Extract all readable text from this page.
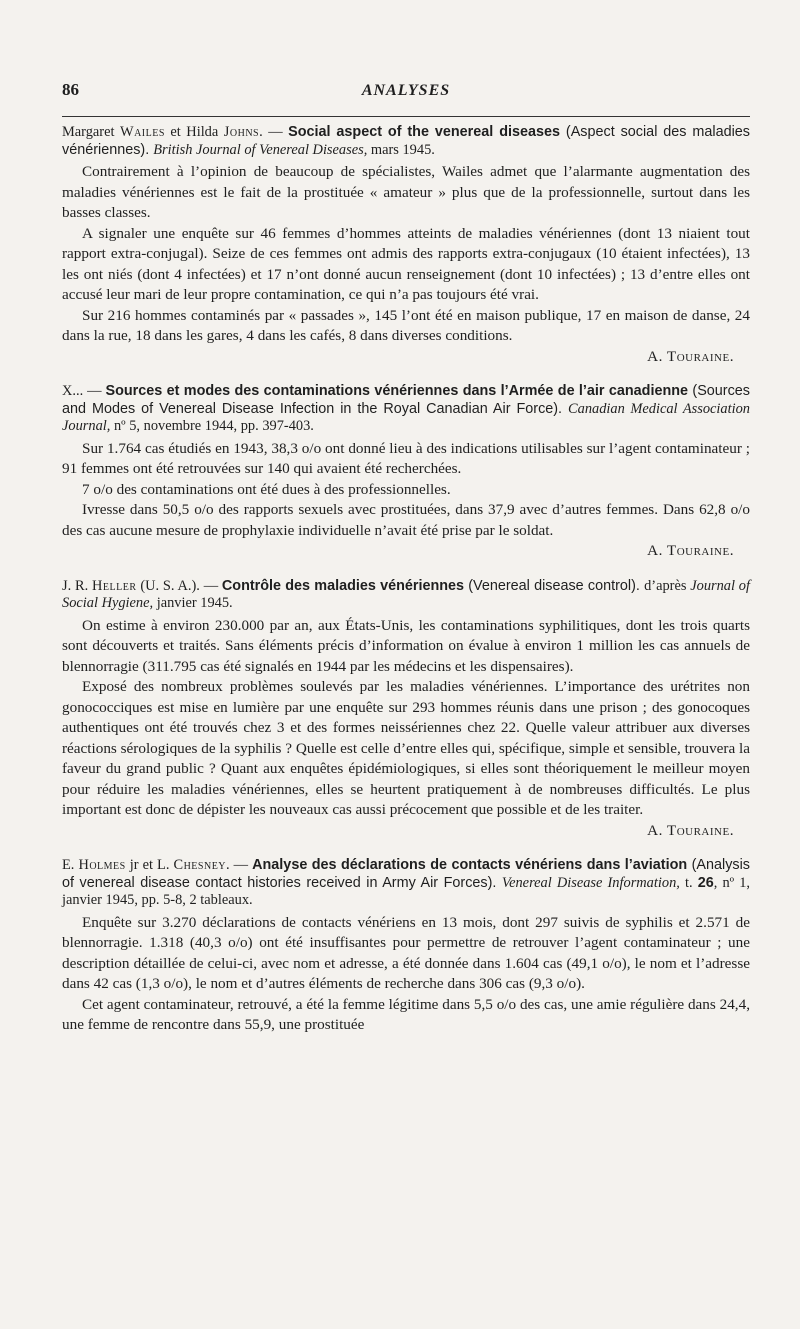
86	ANALYSES

Margaret Wailes et Hilda Johns. — Social aspect of the venereal diseases (Aspect social des maladies vénériennes). British Journal of Venereal Diseases, mars 1945.

Contrairement à l’opinion de beaucoup de spécialistes, Wailes admet que l’alarmante augmentation des maladies vénériennes est le fait de la prostituée « amateur » plus que de la professionnelle, surtout dans les basses classes.

A signaler une enquête sur 46 femmes d’hommes atteints de maladies vénériennes (dont 13 niaient tout rapport extra-conjugal). Seize de ces femmes ont admis des rapports extra-conjugaux (10 étaient infectées), 13 les ont niés (dont 4 infectées) et 17 n’ont donné aucun renseignement (dont 10 infectées) ; 13 d’entre elles ont accusé leur mari de leur propre contamination, ce qui n’a pas toujours été vrai.

Sur 216 hommes contaminés par « passades », 145 l’ont été en maison publique, 17 en maison de danse, 24 dans la rue, 18 dans les gares, 4 dans les cafés, 8 dans diverses conditions.

A. Touraine.

X... — Sources et modes des contaminations vénériennes dans l’Armée de l’air canadienne (Sources and Modes of Venereal Disease Infection in the Royal Canadian Air Force). Canadian Medical Association Journal, nº 5, novembre 1944, pp. 397-403.

Sur 1.764 cas étudiés en 1943, 38,3 o/o ont donné lieu à des indications utilisables sur l’agent contaminateur ; 91 femmes ont été retrouvées sur 140 qui avaient été recherchées.

7 o/o des contaminations ont été dues à des professionnelles.

Ivresse dans 50,5 o/o des rapports sexuels avec prostituées, dans 37,9 avec d’autres femmes. Dans 62,8 o/o des cas aucune mesure de prophylaxie individuelle n’avait été prise par le soldat.

A. Touraine.

J. R. Heller (U. S. A.). — Contrôle des maladies vénériennes (Venereal disease control). d’après Journal of Social Hygiene, janvier 1945.

On estime à environ 230.000 par an, aux États-Unis, les contaminations syphilitiques, dont les trois quarts sont découverts et traités. Sans éléments précis d’information on évalue à environ 1 million les cas annuels de blennorragie (311.795 cas été signalés en 1944 par les médecins et les dispensaires).

Exposé des nombreux problèmes soulevés par les maladies vénériennes. L’importance des urétrites non gonococciques est mise en lumière par une enquête sur 293 hommes réunis dans une prison ; des gonocoques authentiques ont été trouvés chez 3 et des formes neissériennes chez 22. Quelle valeur attribuer aux diverses réactions sérologiques de la syphilis ? Quelle est celle d’entre elles qui, spécifique, simple et sensible, trouvera la faveur du grand public ? Quant aux enquêtes épidémiologiques, si elles sont théoriquement le meilleur moyen pour réduire les maladies vénériennes, elles se heurtent pratiquement à de nombreuses difficultés. Le plus important est donc de dépister les nouveaux cas aussi précocement que possible et de les traiter.

A. Touraine.

E. Holmes jr et L. Chesney. — Analyse des déclarations de contacts vénériens dans l’aviation (Analysis of venereal disease contact histories received in Army Air Forces). Venereal Disease Information, t. 26, nº 1, janvier 1945, pp. 5-8, 2 tableaux.

Enquête sur 3.270 déclarations de contacts vénériens en 13 mois, dont 297 suivis de syphilis et 2.571 de blennorragie. 1.318 (40,3 o/o) ont été insuffisantes pour permettre de retrouver l’agent contaminateur ; une description détaillée de celui-ci, avec nom et adresse, a été donnée dans 1.604 cas (49,1 o/o), le nom et l’adresse dans 42 cas (1,3 o/o), le nom et d’autres éléments de recherche dans 306 cas (9,3 o/o).

Cet agent contaminateur, retrouvé, a été la femme légitime dans 5,5 o/o des cas, une amie régulière dans 24,4, une femme de rencontre dans 55,9, une prostituée
